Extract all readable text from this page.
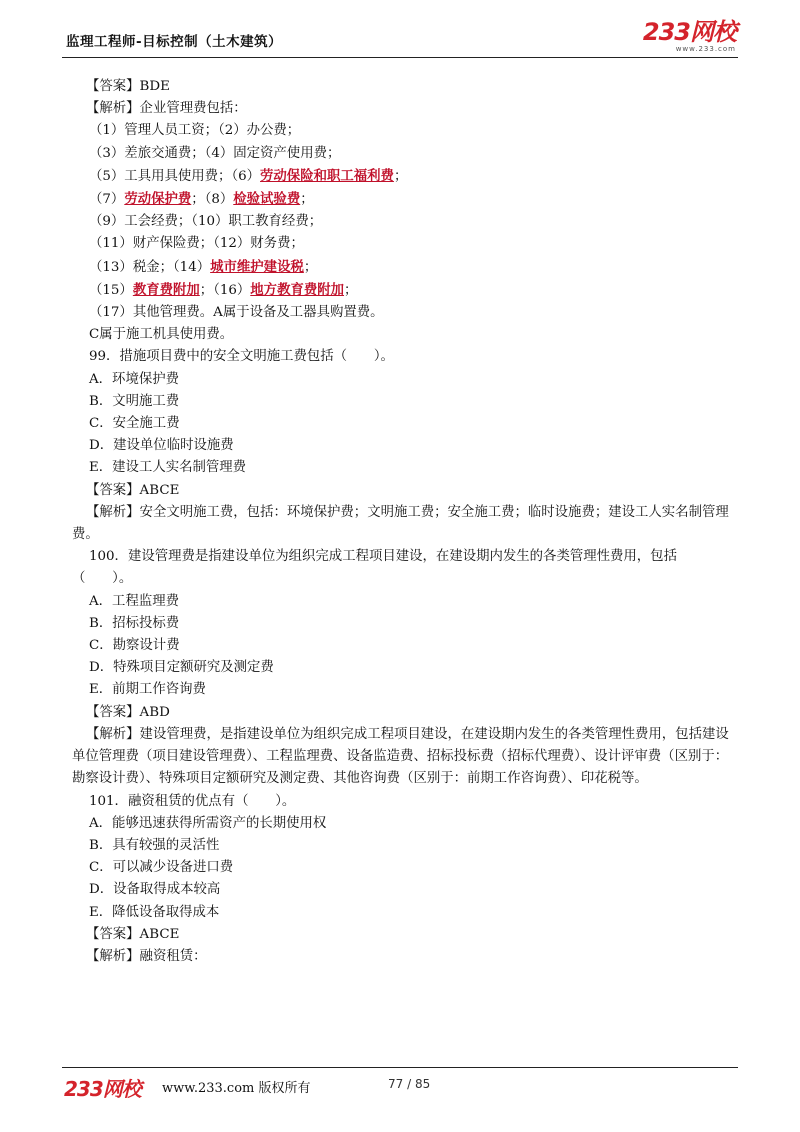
监理工程师-目标控制（土木建筑）	233网校
www.233.com
【答案】BDE
【解析】企业管理费包括：
（1）管理人员工资；（2）办公费；
（3）差旅交通费；（4）固定资产使用费；
（5）工具用具使用费；（6）劳动保险和职工福利费；
（7）劳动保护费；（8）检验试验费；
（9）工会经费；（10）职工教育经费；
（11）财产保险费；（12）财务费；
（13）税金；（14）城市维护建设税；
（15）教育费附加；（16）地方教育费附加；
（17）其他管理费。A属于设备及工器具购置费。
C属于施工机具使用费。
99．措施项目费中的安全文明施工费包括（　　）。
A．环境保护费
B．文明施工费
C．安全施工费
D．建设单位临时设施费
E．建设工人实名制管理费
【答案】ABCE
【解析】安全文明施工费，包括：环境保护费；文明施工费；安全施工费；临时设施费；建设工人实名制管理费。
100．建设管理费是指建设单位为组织完成工程项目建设，在建设期内发生的各类管理性费用，包括（　　）。
A．工程监理费
B．招标投标费
C．勘察设计费
D．特殊项目定额研究及测定费
E．前期工作咨询费
【答案】ABD
【解析】建设管理费，是指建设单位为组织完成工程项目建设，在建设期内发生的各类管理性费用，包括建设单位管理费（项目建设管理费）、工程监理费、设备监造费、招标投标费（招标代理费）、设计评审费（区别于：勘察设计费）、特殊项目定额研究及测定费、其他咨询费（区别于：前期工作咨询费）、印花税等。
101．融资租赁的优点有（　　）。
A．能够迅速获得所需资产的长期使用权
B．具有较强的灵活性
C．可以减少设备进口费
D．设备取得成本较高
E．降低设备取得成本
【答案】ABCE
【解析】融资租赁：
233网校 www.233.com 版权所有	77 / 85
